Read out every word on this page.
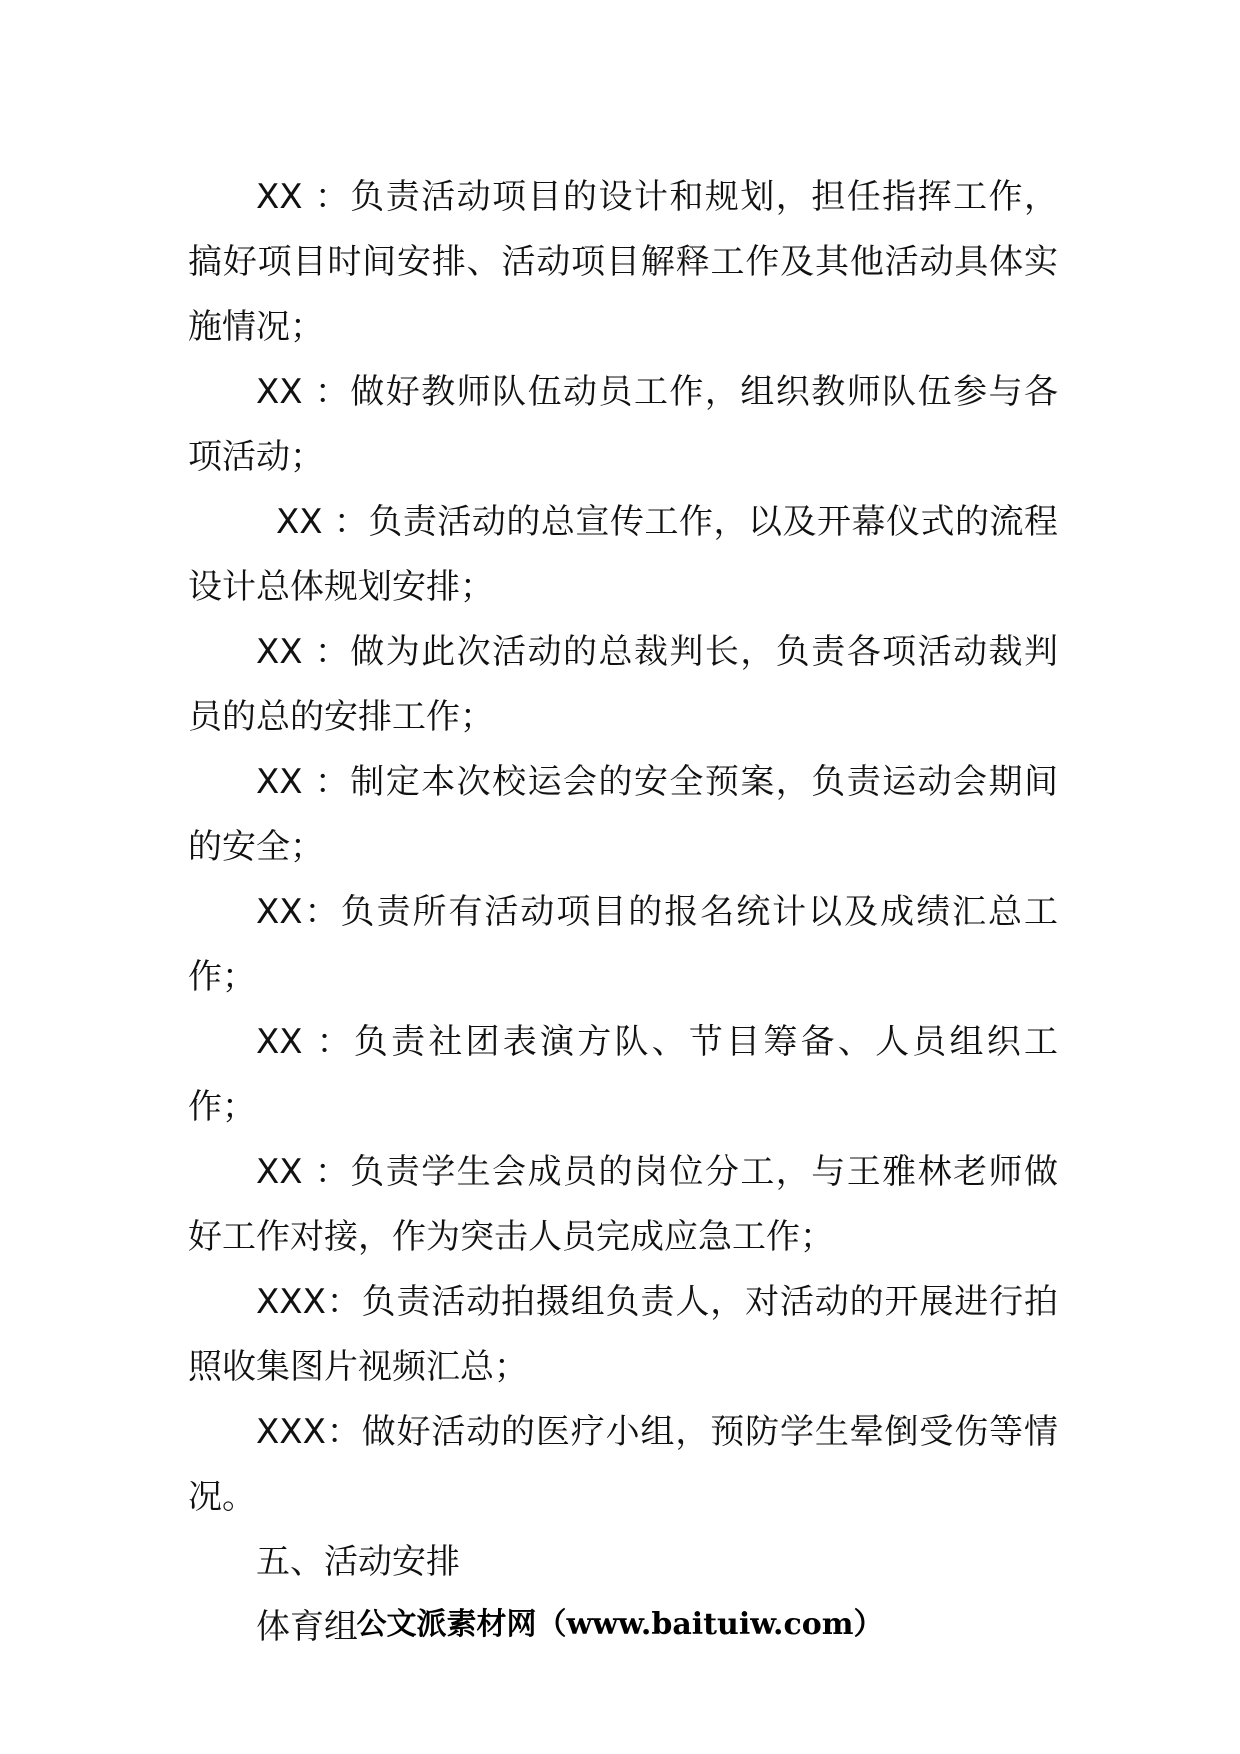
XX ：负责活动项目的设计和规划，担任指挥工作，搞好项目时间安排、活动项目解释工作及其他活动具体实施情况；

XX ：做好教师队伍动员工作，组织教师队伍参与各项活动；

XX ：负责活动的总宣传工作，以及开幕仪式的流程设计总体规划安排；

XX ：做为此次活动的总裁判长，负责各项活动裁判员的总的安排工作；

XX ：制定本次校运会的安全预案，负责运动会期间的安全；

XX：负责所有活动项目的报名统计以及成绩汇总工作；

XX ：负责社团表演方队、节目筹备、人员组织工作；

XX ：负责学生会成员的岗位分工，与王雅林老师做好工作对接，作为突击人员完成应急工作；

XXX：负责活动拍摄组负责人，对活动的开展进行拍照收集图片视频汇总；

XXX：做好活动的医疗小组，预防学生晕倒受伤等情况。

五、活动安排

体育组

公文派素材网（www.baituiw.com）
